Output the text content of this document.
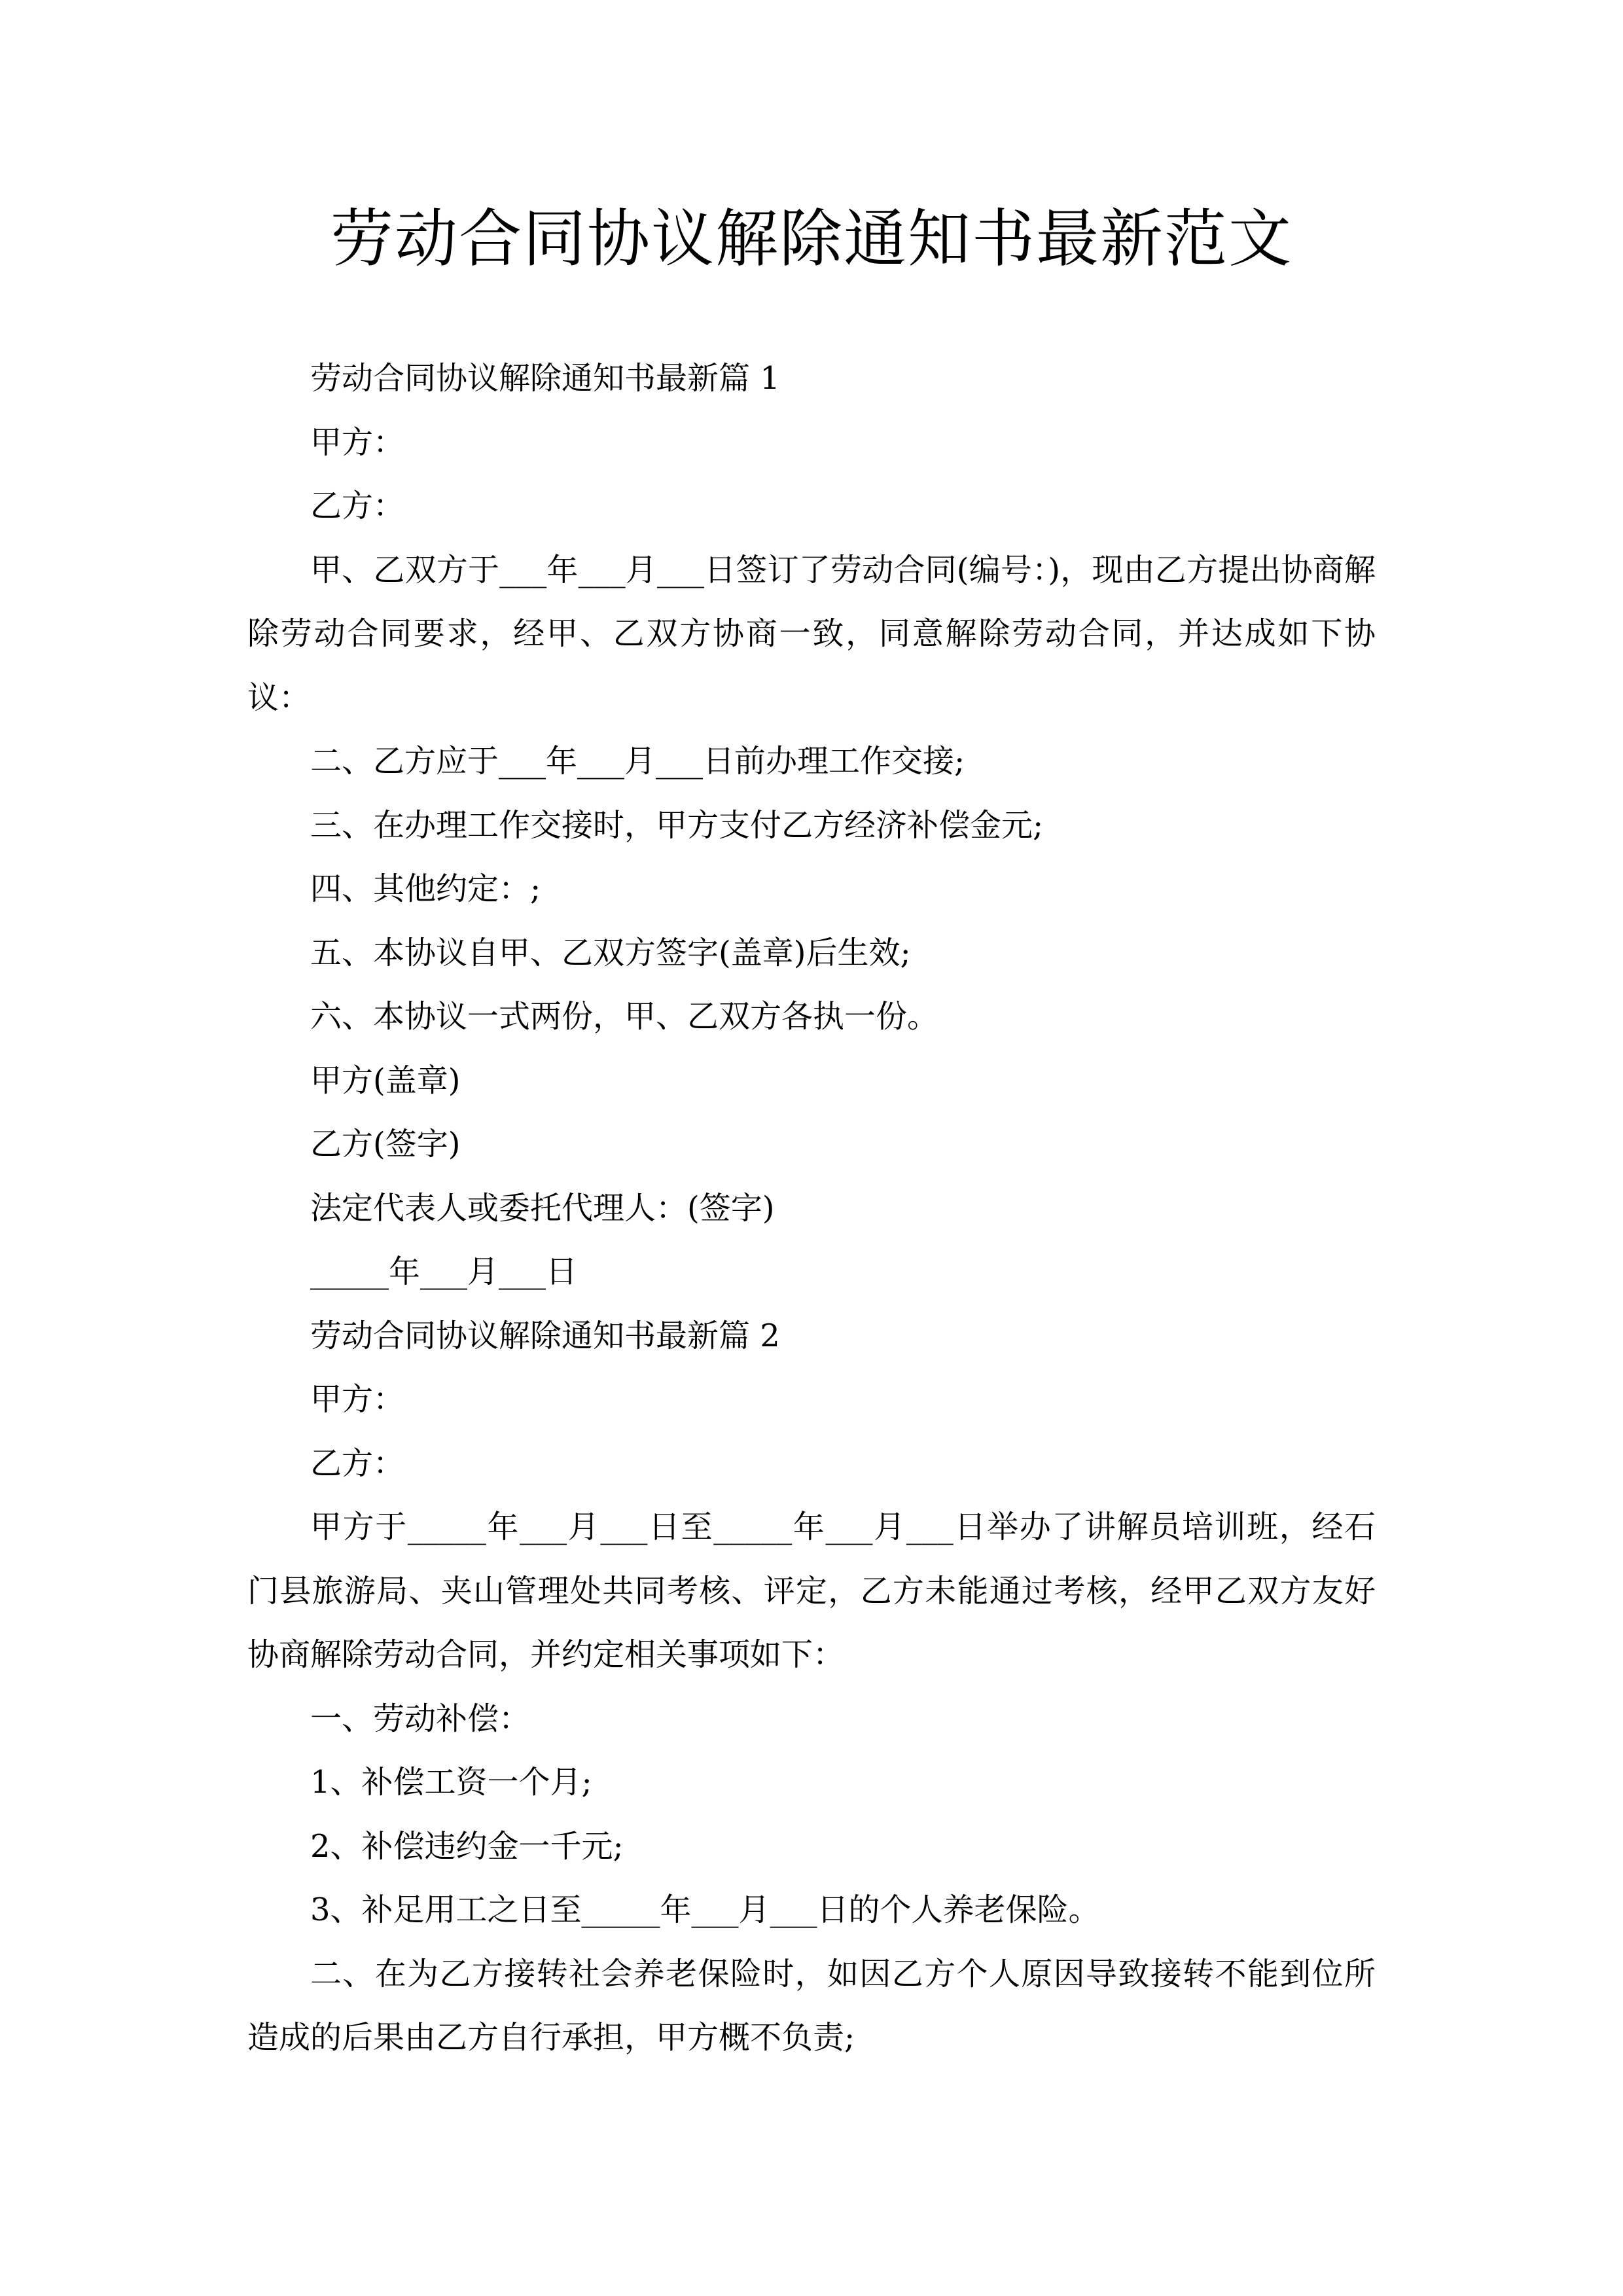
劳动合同协议解除通知书最新范文

劳动合同协议解除通知书最新篇 1

甲方：

乙方：

甲、乙双方于___年___月___日签订了劳动合同(编号：)，现由乙方提出协商解除劳动合同要求，经甲、乙双方协商一致，同意解除劳动合同，并达成如下协议：

二、乙方应于___年___月___日前办理工作交接;

三、在办理工作交接时，甲方支付乙方经济补偿金元;

四、其他约定：;

五、本协议自甲、乙双方签字(盖章)后生效;

六、本协议一式两份，甲、乙双方各执一份。

甲方(盖章)

乙方(签字)

法定代表人或委托代理人：(签字)

_____年___月___日

劳动合同协议解除通知书最新篇 2

甲方：

乙方：

甲方于_____年___月___日至_____年___月___日举办了讲解员培训班，经石门县旅游局、夹山管理处共同考核、评定，乙方未能通过考核，经甲乙双方友好协商解除劳动合同，并约定相关事项如下：

一、劳动补偿：

1、补偿工资一个月;

2、补偿违约金一千元;

3、补足用工之日至_____年___月___日的个人养老保险。

二、在为乙方接转社会养老保险时，如因乙方个人原因导致接转不能到位所造成的后果由乙方自行承担，甲方概不负责;
